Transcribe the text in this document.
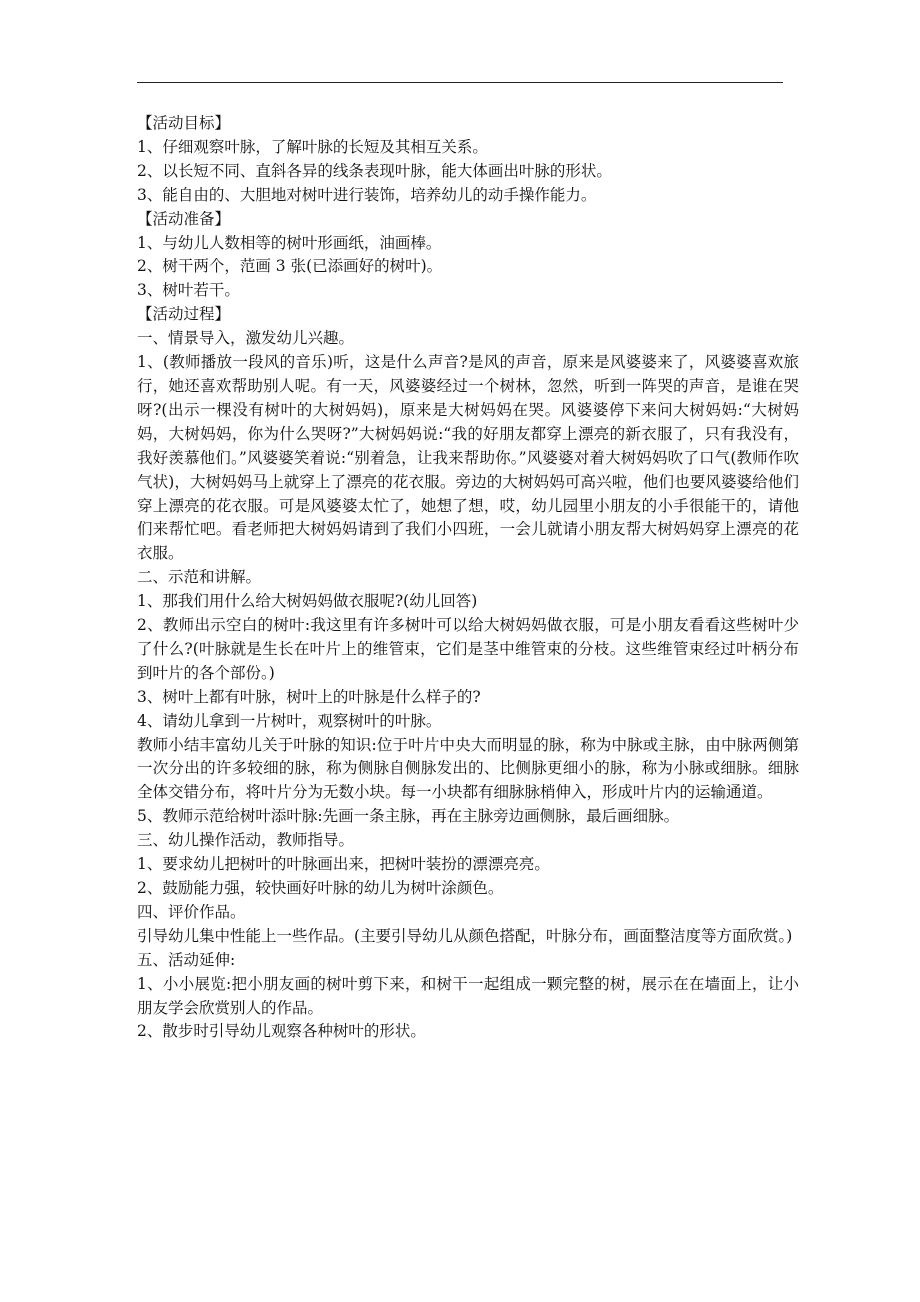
【活动目标】

1、仔细观察叶脉，了解叶脉的长短及其相互关系。

2、以长短不同、直斜各异的线条表现叶脉，能大体画出叶脉的形状。

3、能自由的、大胆地对树叶进行装饰，培养幼儿的动手操作能力。

【活动准备】

1、与幼儿人数相等的树叶形画纸，油画棒。

2、树干两个，范画 3 张(已添画好的树叶)。

3、树叶若干。

【活动过程】

一、情景导入，激发幼儿兴趣。

1、(教师播放一段风的音乐)听，这是什么声音?是风的声音，原来是风婆婆来了，风婆婆喜欢旅行，她还喜欢帮助别人呢。有一天，风婆婆经过一个树林，忽然，听到一阵哭的声音，是谁在哭呀?(出示一棵没有树叶的大树妈妈)，原来是大树妈妈在哭。风婆婆停下来问大树妈妈:“大树妈妈，大树妈妈，你为什么哭呀?”大树妈妈说:“我的好朋友都穿上漂亮的新衣服了，只有我没有，我好羡慕他们。”风婆婆笑着说:“别着急，让我来帮助你。”风婆婆对着大树妈妈吹了口气(教师作吹气状)，大树妈妈马上就穿上了漂亮的花衣服。旁边的大树妈妈可高兴啦，他们也要风婆婆给他们穿上漂亮的花衣服。可是风婆婆太忙了，她想了想，哎，幼儿园里小朋友的小手很能干的，请他们来帮忙吧。看老师把大树妈妈请到了我们小四班，一会儿就请小朋友帮大树妈妈穿上漂亮的花衣服。

二、示范和讲解。

1、那我们用什么给大树妈妈做衣服呢?(幼儿回答)

2、教师出示空白的树叶:我这里有许多树叶可以给大树妈妈做衣服，可是小朋友看看这些树叶少了什么?(叶脉就是生长在叶片上的维管束，它们是茎中维管束的分枝。这些维管束经过叶柄分布到叶片的各个部份。)

3、树叶上都有叶脉，树叶上的叶脉是什么样子的?

4、请幼儿拿到一片树叶，观察树叶的叶脉。

教师小结丰富幼儿关于叶脉的知识:位于叶片中央大而明显的脉，称为中脉或主脉，由中脉两侧第一次分出的许多较细的脉，称为侧脉自侧脉发出的、比侧脉更细小的脉，称为小脉或细脉。细脉全体交错分布，将叶片分为无数小块。每一小块都有细脉脉梢伸入，形成叶片内的运输通道。

5、教师示范给树叶添叶脉:先画一条主脉，再在主脉旁边画侧脉，最后画细脉。

三、幼儿操作活动，教师指导。

1、要求幼儿把树叶的叶脉画出来，把树叶装扮的漂漂亮亮。

2、鼓励能力强，较快画好叶脉的幼儿为树叶涂颜色。

四、评价作品。

引导幼儿集中性能上一些作品。(主要引导幼儿从颜色搭配，叶脉分布，画面整洁度等方面欣赏。)

五、活动延伸:

1、小小展览:把小朋友画的树叶剪下来，和树干一起组成一颗完整的树，展示在在墙面上，让小朋友学会欣赏别人的作品。

2、散步时引导幼儿观察各种树叶的形状。
